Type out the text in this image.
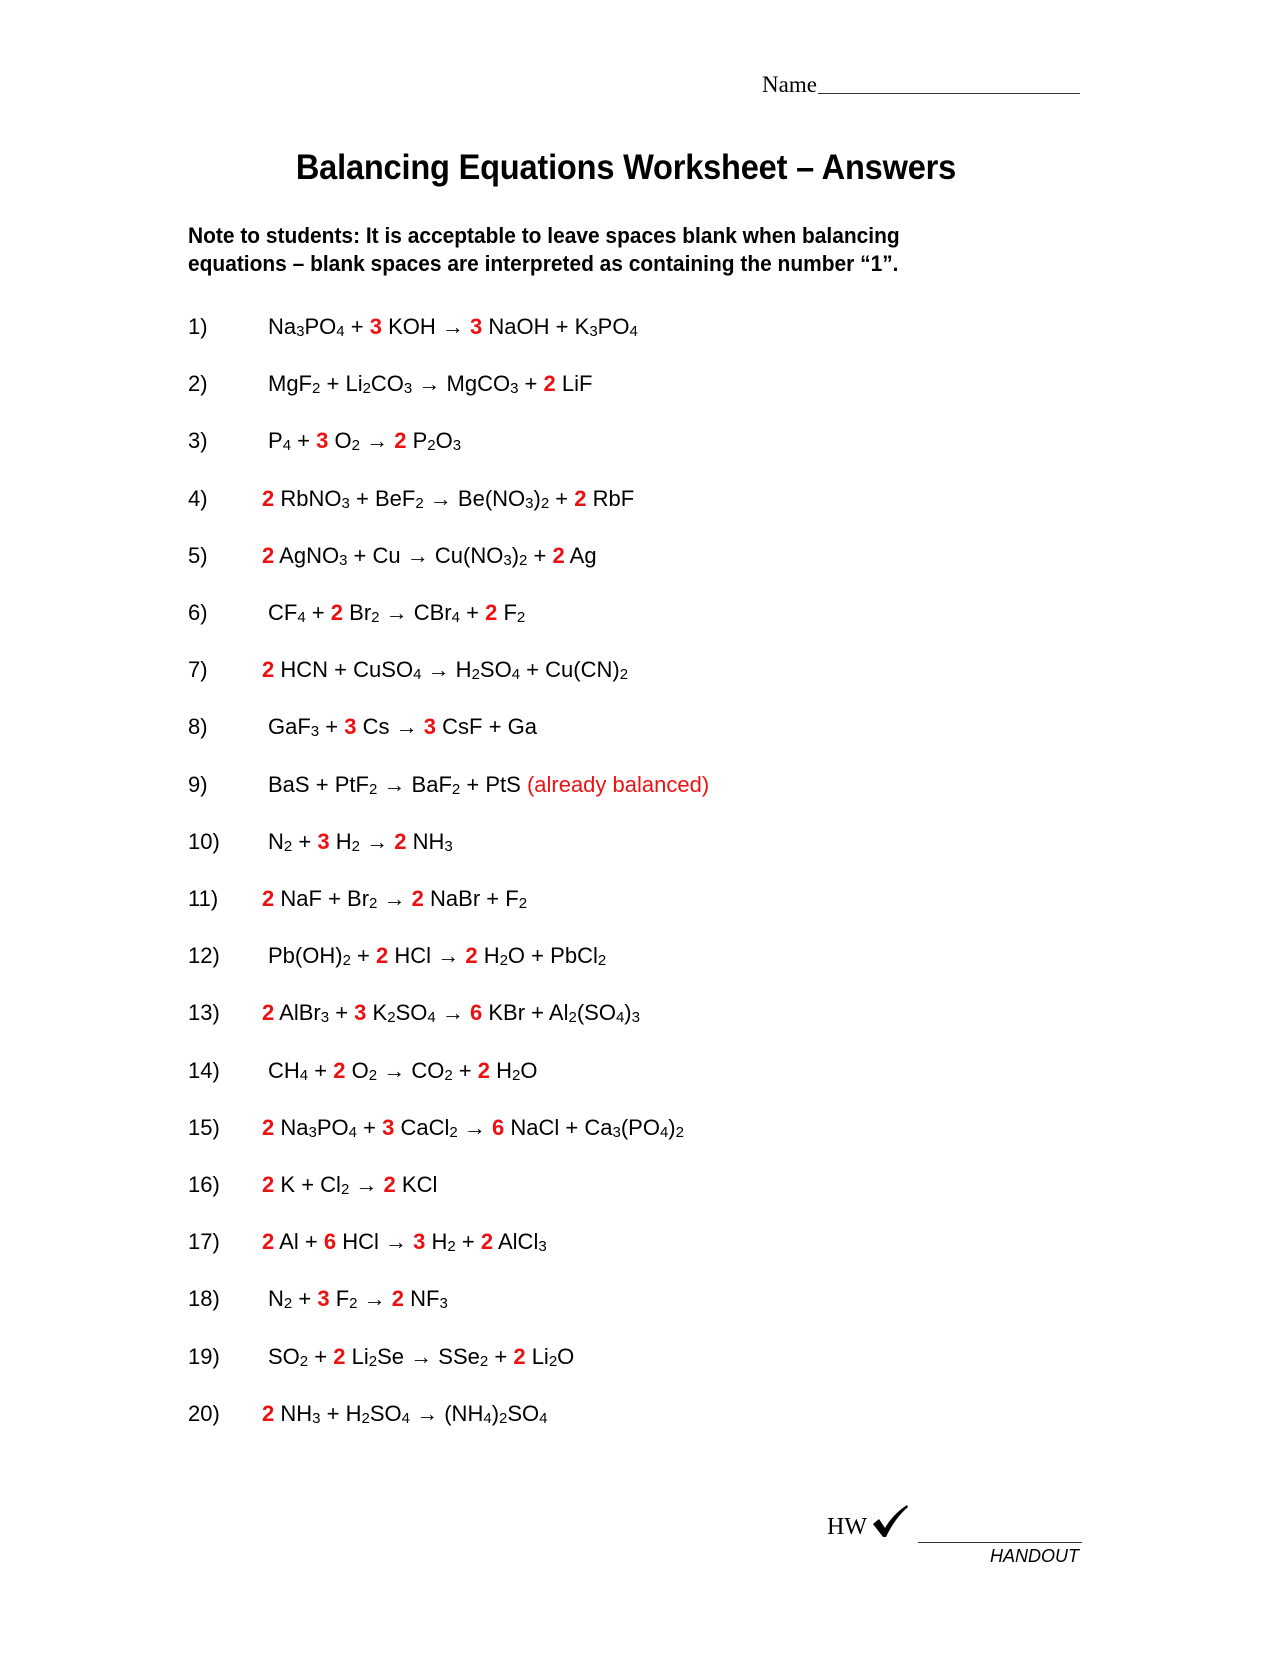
Name
Balancing Equations Worksheet – Answers
Note to students: It is acceptable to leave spaces blank when balancing
equations – blank spaces are interpreted as containing the number “1”.
1)	$Na_3PO_4 + 3$ KOH → 3 NaOH + $K_3PO_4$
2)	$MgF_2 + Li_2CO_3$ → MgCO$_3$ + 2 LiF
3)	$P_4 + 3$ $O_2 \to 2$ $P_2O_3$
4)	2 RbNO$_3$ + $BeF_2 \to Be(NO_3)_2 + 2$ RbF
5)	2 AgNO$_3$ + $Cu \to Cu(NO_3)_2 + 2$ Ag
6)	$CF_4 + 2$ $Br_2 \to CBr_4 + 2$ $F_2$
7)	2 HCN + CuSO$_4$ → $H_2SO_4 + Cu(CN)_2$
8)	GaF$_3$ + 3 Cs → 3 CsF + Ga
9)	BaS + PtF$_2$ → BaF$_2$ + PtS (already balanced)
10)	$N_2 + 3$ $H_2 \to 2$ $NH_3$
11)	2 NaF + $Br_2 \to 2$ NaBr + $F_2$
12)	$Pb(OH)_2 + 2$ HCl → 2 $H_2O$ + PbCl$_2$
13)	2 AlBr$_3$ + 3 $K_2SO_4 \to 6$ KBr + $Al_2(SO_4)_3$
14)	$CH_4 + 2$ $O_2 \to CO_2 + 2$ $H_2O$
15)	2 $Na_3PO_4 + 3$ CaCl$_2$ → 6 NaCl + $Ca_3(PO_4)_2$
16)	2 $K + Cl_2 \to 2$ KCl
17)	2 Al + 6 HCl → 3 $H_2 + 2$ AlCl$_3$
18)	$N_2 + 3$ $F_2 \to 2$ $NF_3$
19)	$SO_2 + 2$ $Li_2Se \to SSe_2 + 2$ $Li_2O$
20)	2 $NH_3 + H_2SO_4 \to (NH_4)_2SO_4$
HW
HANDOUT
